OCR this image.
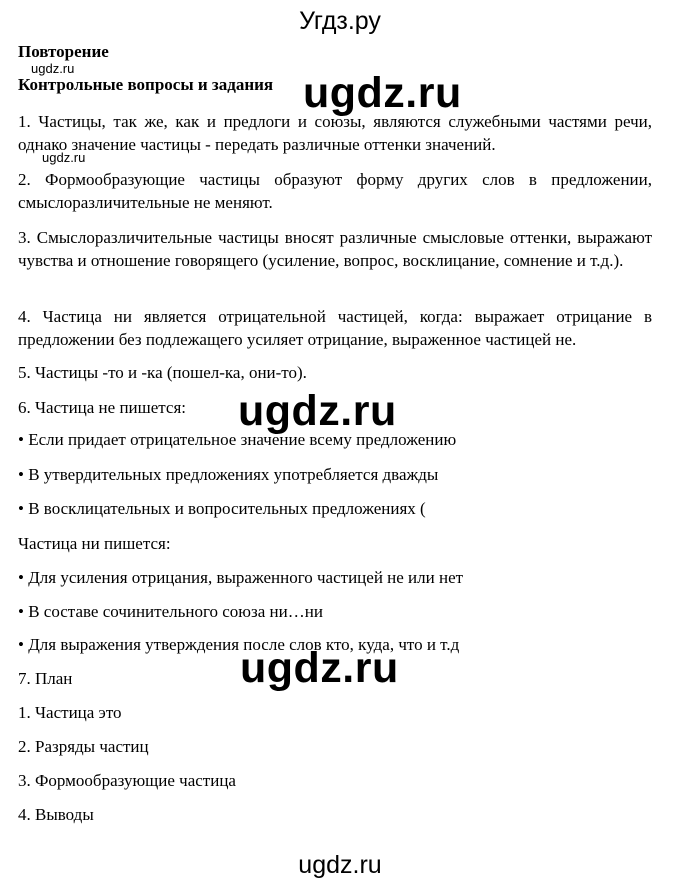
Угдз.ру
Повторение
ugdz.ru
Контрольные вопросы и задания ugdz.ru
1. Частицы, так же, как и предлоги и союзы, являются служебными частями речи, однако значение частицы - передать различные оттенки значений.
ugdz.ru
2. Формообразующие частицы образуют форму других слов в предложении, смыслоразличительные не меняют.
3. Смыслоразличительные частицы вносят различные смысловые оттенки, выражают чувства и отношение говорящего (усиление, вопрос, восклицание, сомнение и т.д.).
4. Частица ни является отрицательной частицей, когда: выражает отрицание в предложении без подлежащего усиляет отрицание, выраженное частицей не.
5. Частицы -то и -ка (пошел-ка, они-то).
6. Частица не пишется: ugdz.ru
• Если придает отрицательное значение всему предложению
• В утвердительных предложениях употребляется дважды
• В восклицательных и вопросительных предложениях (
Частица ни пишется:
• Для усиления отрицания, выраженного частицей не или нет
• В составе сочинительного союза ни…ни
• Для выражения утверждения после слов кто, куда, что и т.д
ugdz.ru
7. План
1. Частица это
2. Разряды частиц
3. Формообразующие частица
4. Выводы
ugdz.ru
